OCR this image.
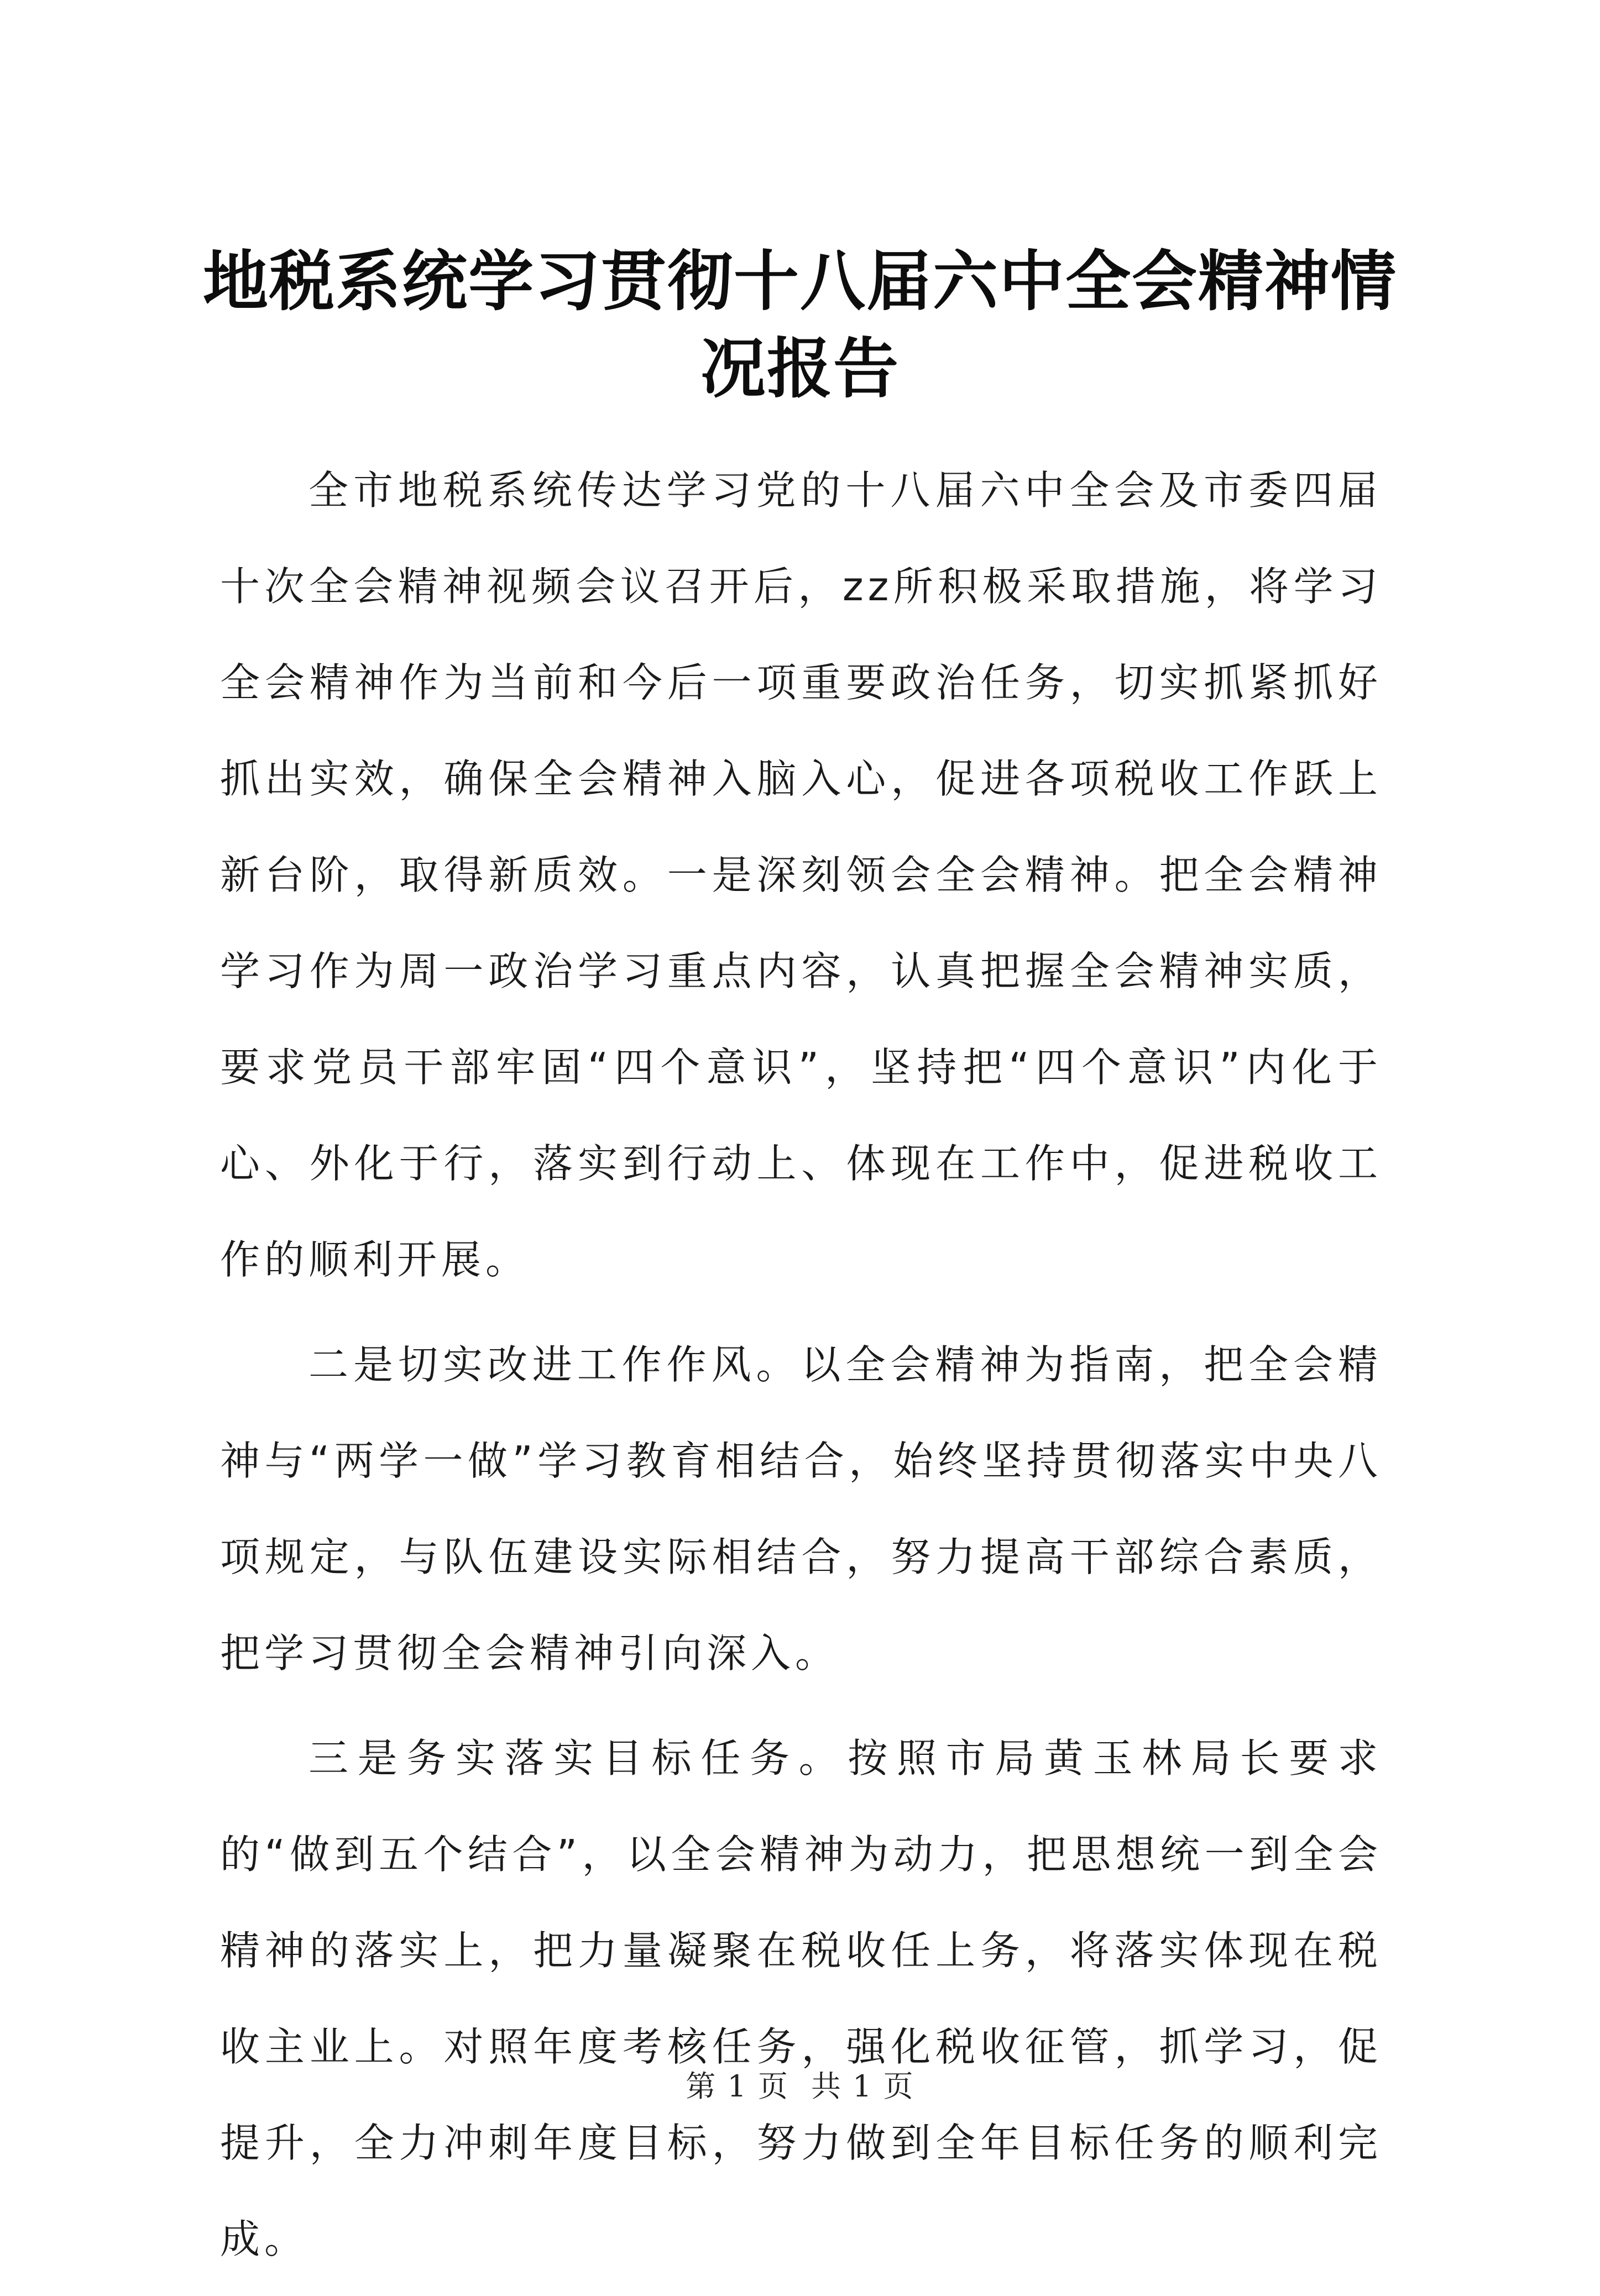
地税系统学习贯彻十八届六中全会精神情况报告

全市地税系统传达学习党的十八届六中全会及市委四届十次全会精神视频会议召开后，zz所积极采取措施，将学习全会精神作为当前和今后一项重要政治任务，切实抓紧抓好抓出实效，确保全会精神入脑入心，促进各项税收工作跃上新台阶，取得新质效。一是深刻领会全会精神。把全会精神学习作为周一政治学习重点内容，认真把握全会精神实质，要求党员干部牢固“四个意识”，坚持把“四个意识”内化于心、外化于行，落实到行动上、体现在工作中，促进税收工作的顺利开展。

二是切实改进工作作风。以全会精神为指南，把全会精神与“两学一做”学习教育相结合，始终坚持贯彻落实中央八项规定，与队伍建设实际相结合，努力提高干部综合素质，把学习贯彻全会精神引向深入。

三是务实落实目标任务。按照市局黄玉林局长要求的“做到五个结合”，以全会精神为动力，把思想统一到全会精神的落实上，把力量凝聚在税收任上务，将落实体现在税收主业上。对照年度考核任务，强化税收征管，抓学习，促提升，全力冲刺年度目标，努力做到全年目标任务的顺利完成。

第 1 页 共 1 页
